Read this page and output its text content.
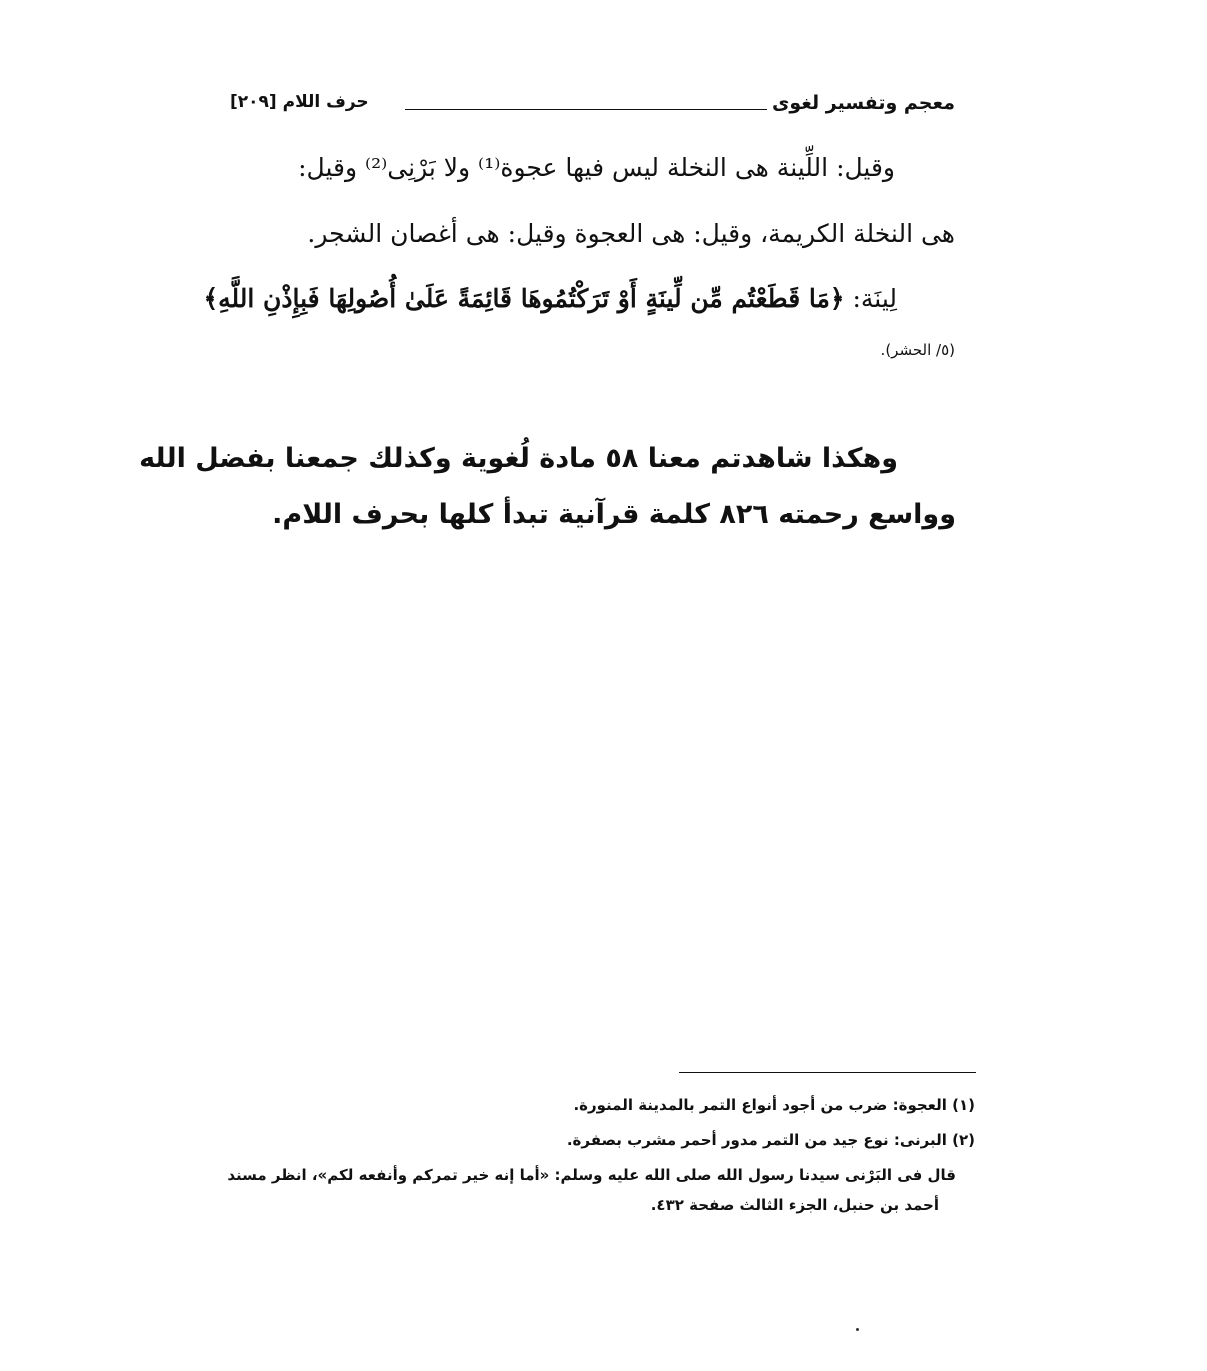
معجم وتفسير لغوى
حرف اللام [٢٠٩]
وقيل: اللِّينة هى النخلة ليس فيها عجوة⁽¹⁾ ولا بَرْنِى⁽²⁾ وقيل:
هى النخلة الكريمة، وقيل: هى العجوة وقيل: هى أغصان الشجر.
لِينَة: ﴿مَا قَطَعْتُم مِّن لِّينَةٍ أَوْ تَرَكْتُمُوهَا قَائِمَةً عَلَىٰ أُصُولِهَا فَبِإِذْنِ اللَّهِ﴾
(٥/ الحشر).
وهكذا شاهدتم معنا ٥٨ مادة لُغوية وكذلك جمعنا بفضل الله
وواسع رحمته ٨٢٦ كلمة قرآنية تبدأ كلها بحرف اللام.
(١) العجوة: ضرب من أجود أنواع التمر بالمدينة المنورة.
(٢) البرنى: نوع جيد من التمر مدور أحمر مشرب بصفرة.
قال فى البَرْنى سيدنا رسول الله صلى الله عليه وسلم: «أما إنه خير تمركم وأنفعه لكم»، انظر مسند
أحمد بن حنبل، الجزء الثالث صفحة ٤٣٢.
